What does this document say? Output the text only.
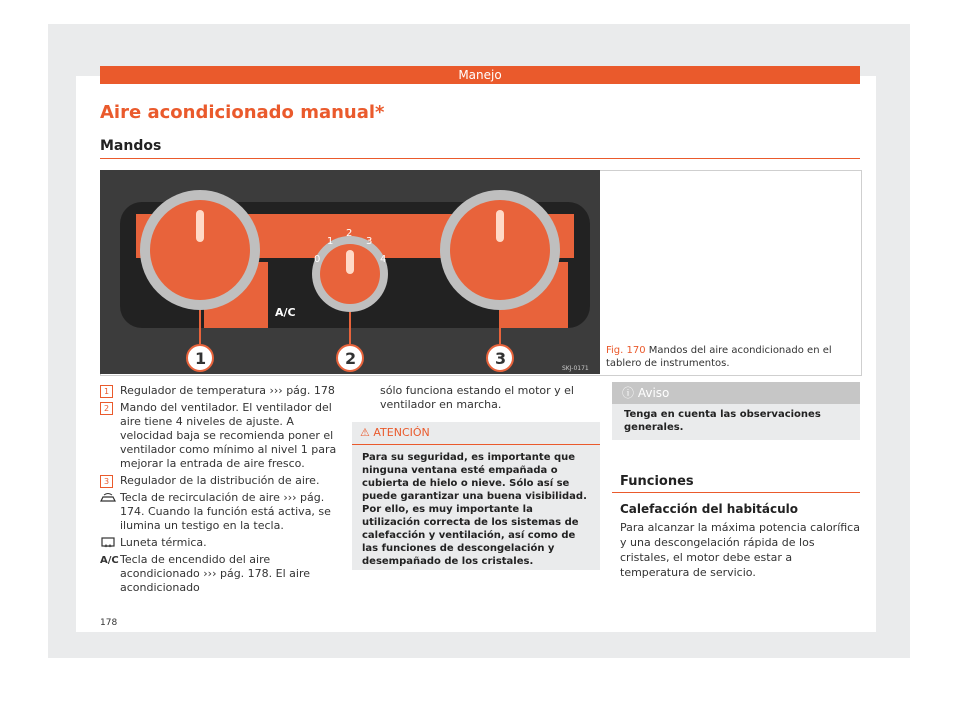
Manejo
Aire acondicionado manual*
Mandos
0
1
2
3
4
A/C
1	2	3
SKJ-0171
Fig. 170 Mandos del aire acondicionado en el tablero de instrumentos.
1 Regulador de temperatura ››› pág. 178
2 Mando del ventilador. El ventilador del aire tiene 4 niveles de ajuste. A velocidad baja se recomienda poner el ventilador como mínimo al nivel 1 para mejorar la entrada de aire fresco.
3 Regulador de la distribución de aire.
Tecla de recirculación de aire ››› pág. 174. Cuando la función está activa, se ilumina un testigo en la tecla.
Luneta térmica.
A/C Tecla de encendido del aire acondicionado ››› pág. 178. El aire acondicionado
sólo funciona estando el motor y el ventilador en marcha.
⚠ ATENCIÓN
Para su seguridad, es importante que ninguna ventana esté empañada o cubierta de hielo o nieve. Sólo así se puede garantizar una buena visibilidad. Por ello, es muy importante la utilización correcta de los sistemas de calefacción y ventilación, así como de las funciones de descongelación y desempañado de los cristales.
ⓘ Aviso
Tenga en cuenta las observaciones generales.
Funciones
Calefacción del habitáculo
Para alcanzar la máxima potencia calorífica y una descongelación rápida de los cristales, el motor debe estar a temperatura de servicio.
178
